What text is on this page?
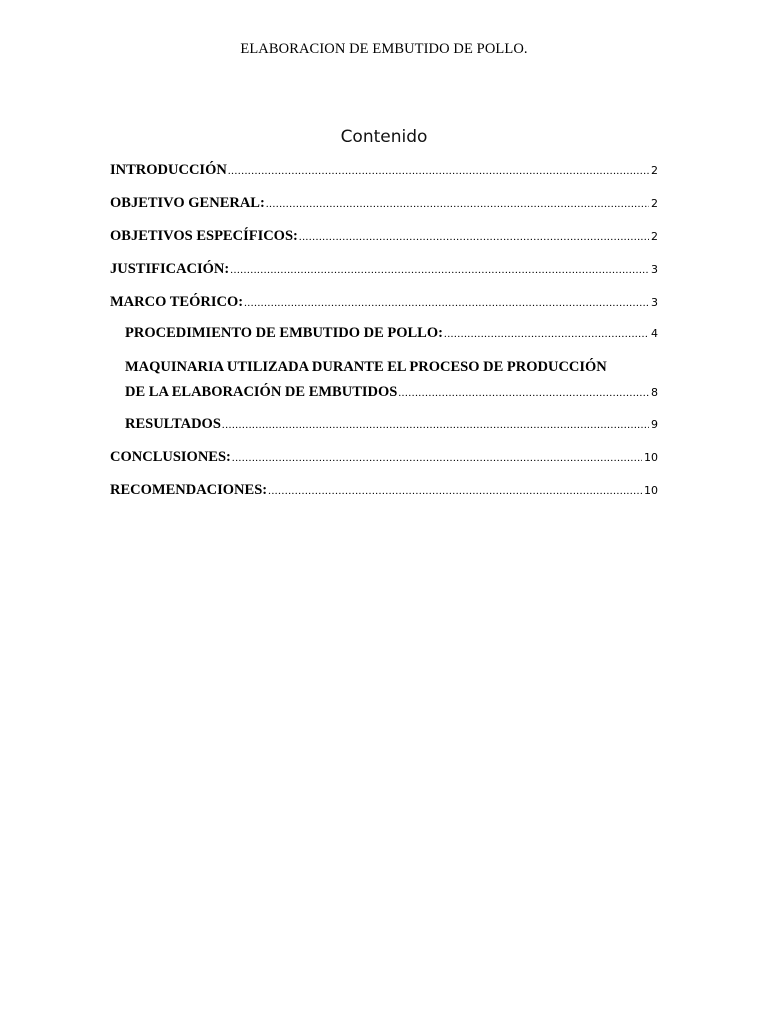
ELABORACION DE EMBUTIDO DE POLLO.
Contenido
INTRODUCCIÓN .....	2
OBJETIVO GENERAL: .....	2
OBJETIVOS ESPECÍFICOS: .....	2
JUSTIFICACIÓN: .....	3
MARCO TEÓRICO: .....	3
PROCEDIMIENTO DE EMBUTIDO DE POLLO: .....	4
MAQUINARIA UTILIZADA DURANTE EL PROCESO DE PRODUCCIÓN
DE LA ELABORACIÓN DE EMBUTIDOS .....	8
RESULTADOS .....	9
CONCLUSIONES: .....	10
RECOMENDACIONES: .....	10
